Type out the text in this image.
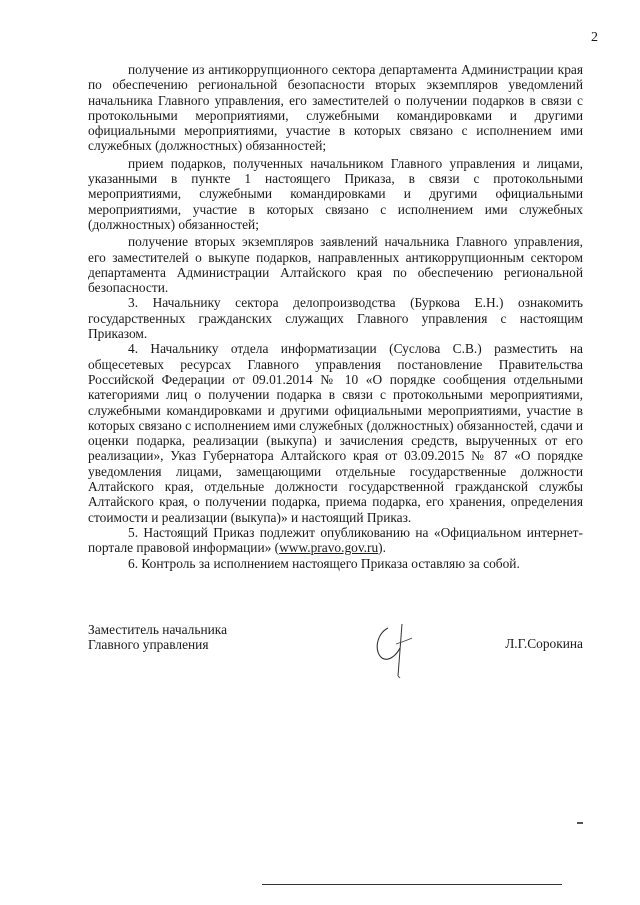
2

получение из антикоррупционного сектора департамента Администрации края по обеспечению региональной безопасности вторых экземпляров уведомлений начальника Главного управления, его заместителей о получении подарков в связи с протокольными мероприятиями, служебными командировками и другими официальными мероприятиями, участие в которых связано с исполнением ими служебных (должностных) обязанностей;

прием подарков, полученных начальником Главного управления и лицами, указанными в пункте 1 настоящего Приказа, в связи с протокольными мероприятиями, служебными командировками и другими официальными мероприятиями, участие в которых связано с исполнением ими служебных (должностных) обязанностей;

получение вторых экземпляров заявлений начальника Главного управления, его заместителей о выкупе подарков, направленных антикоррупционным сектором департамента Администрации Алтайского края по обеспечению региональной безопасности.

3. Начальнику сектора делопроизводства (Буркова Е.Н.) ознакомить государственных гражданских служащих Главного управления с настоящим Приказом.

4. Начальнику отдела информатизации (Суслова С.В.) разместить на общесетевых ресурсах Главного управления постановление Правительства Российской Федерации от 09.01.2014 № 10 «О порядке сообщения отдельными категориями лиц о получении подарка в связи с протокольными мероприятиями, служебными командировками и другими официальными мероприятиями, участие в которых связано с исполнением ими служебных (должностных) обязанностей, сдачи и оценки подарка, реализации (выкупа) и зачисления средств, вырученных от его реализации», Указ Губернатора Алтайского края от 03.09.2015 № 87 «О порядке уведомления лицами, замещающими отдельные государственные должности Алтайского края, отдельные должности государственной гражданской службы Алтайского края, о получении подарка, приема подарка, его хранения, определения стоимости и реализации (выкупа)» и настоящий Приказ.

5. Настоящий Приказ подлежит опубликованию на «Официальном интернет-портале правовой информации» (www.pravo.gov.ru).

6. Контроль за исполнением настоящего Приказа оставляю за собой.

Заместитель начальника
Главного управления	Л.Г.Сорокина
